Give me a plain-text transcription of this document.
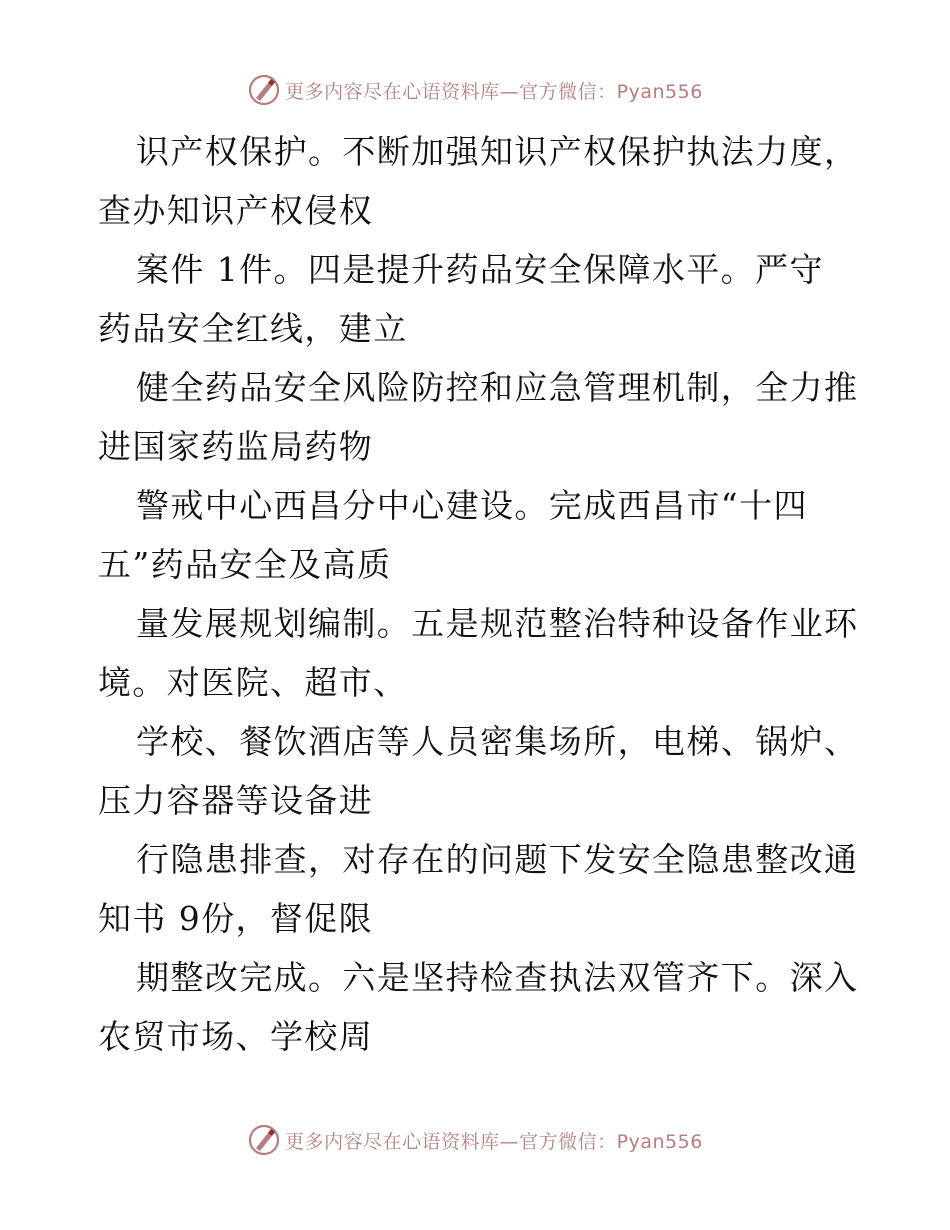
更多内容尽在心语资料库—官方微信：Pyan556

识产权保护。不断加强知识产权保护执法力度，
查办知识产权侵权

案件 1件。四是提升药品安全保障水平。严守
药品安全红线，建立

健全药品安全风险防控和应急管理机制，全力推
进国家药监局药物

警戒中心西昌分中心建设。完成西昌市“十四
五”药品安全及高质

量发展规划编制。五是规范整治特种设备作业环
境。对医院、超市、

学校、餐饮酒店等人员密集场所，电梯、锅炉、
压力容器等设备进

行隐患排查，对存在的问题下发安全隐患整改通
知书 9份，督促限

期整改完成。六是坚持检查执法双管齐下。深入
农贸市场、学校周

更多内容尽在心语资料库—官方微信：Pyan556
